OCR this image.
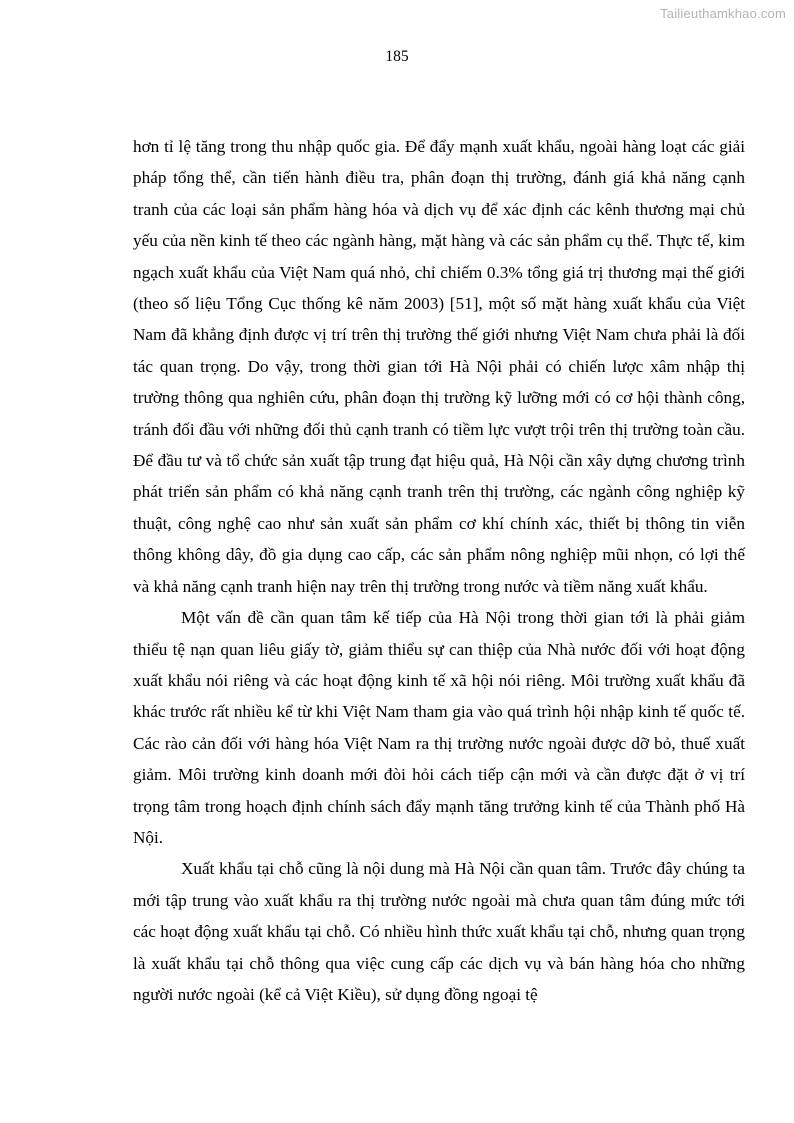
Tailieuthamkhao.com
185

hơn tỉ lệ tăng trong thu nhập quốc gia. Để đẩy mạnh xuất khẩu, ngoài hàng loạt các giải pháp tổng thể, cần tiến hành điều tra, phân đoạn thị trường, đánh giá khả năng cạnh tranh của các loại sản phẩm hàng hóa và dịch vụ để xác định các kênh thương mại chủ yếu của nền kinh tế theo các ngành hàng, mặt hàng và các sản phẩm cụ thể. Thực tế, kim ngạch xuất khẩu của Việt Nam quá nhỏ, chỉ chiếm 0.3% tổng giá trị thương mại thế giới (theo số liệu Tổng Cục thống kê năm 2003) [51], một số mặt hàng xuất khẩu của Việt Nam đã khẳng định được vị trí trên thị trường thế giới nhưng Việt Nam chưa phải là đối tác quan trọng. Do vậy, trong thời gian tới Hà Nội phải có chiến lược xâm nhập thị trường thông qua nghiên cứu, phân đoạn thị trường kỹ lưỡng mới có cơ hội thành công, tránh đối đầu với những đối thủ cạnh tranh có tiềm lực vượt trội trên thị trường toàn cầu. Để đầu tư và tổ chức sản xuất tập trung đạt hiệu quả, Hà Nội cần xây dựng chương trình phát triển sản phẩm có khả năng cạnh tranh trên thị trường, các ngành công nghiệp kỹ thuật, công nghệ cao như sản xuất sản phẩm cơ khí chính xác, thiết bị thông tin viễn thông không dây, đồ gia dụng cao cấp, các sản phẩm nông nghiệp mũi nhọn, có lợi thế và khả năng cạnh tranh hiện nay trên thị trường trong nước và tiềm năng xuất khẩu.

Một vấn đề cần quan tâm kế tiếp của Hà Nội trong thời gian tới là phải giảm thiểu tệ nạn quan liêu giấy tờ, giảm thiểu sự can thiệp của Nhà nước đối với hoạt động xuất khẩu nói riêng và các hoạt động kinh tế xã hội nói riêng. Môi trường xuất khẩu đã khác trước rất nhiều kể từ khi Việt Nam tham gia vào quá trình hội nhập kinh tế quốc tế. Các rào cản đối với hàng hóa Việt Nam ra thị trường nước ngoài được dỡ bỏ, thuế xuất giảm. Môi trường kinh doanh mới đòi hỏi cách tiếp cận mới và cần được đặt ở vị trí trọng tâm trong hoạch định chính sách đẩy mạnh tăng trưởng kinh tế của Thành phố Hà Nội.

Xuất khẩu tại chỗ cũng là nội dung mà Hà Nội cần quan tâm. Trước đây chúng ta mới tập trung vào xuất khẩu ra thị trường nước ngoài mà chưa quan tâm đúng mức tới các hoạt động xuất khẩu tại chỗ. Có nhiều hình thức xuất khẩu tại chỗ, nhưng quan trọng là xuất khẩu tại chỗ thông qua việc cung cấp các dịch vụ và bán hàng hóa cho những người nước ngoài (kể cả Việt Kiều), sử dụng đồng ngoại tệ
